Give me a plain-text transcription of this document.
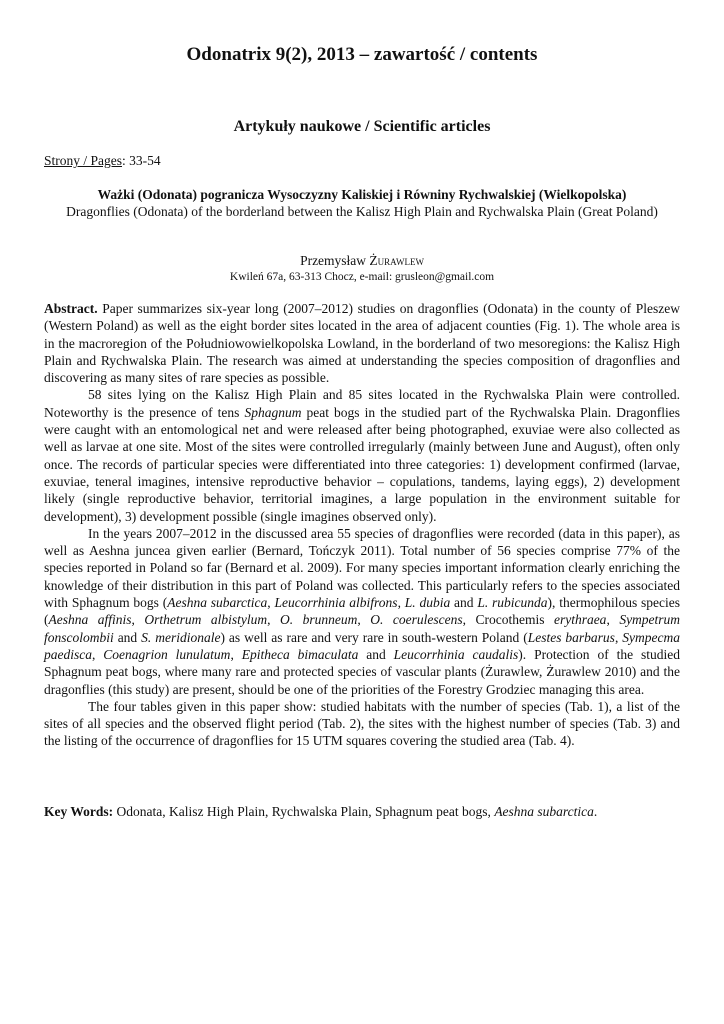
Odonatrix 9(2), 2013 – zawartość / contents
Artykuły naukowe / Scientific articles
Strony / Pages: 33-54
Ważki (Odonata) pogranicza Wysoczyzny Kaliskiej i Równiny Rychwalskiej (Wielkopolska)
Dragonflies (Odonata) of the borderland between the Kalisz High Plain and Rychwalska Plain (Great Poland)
Przemysław Żurawlew
Kwileń 67a, 63-313 Chocz, e-mail: grusleon@gmail.com

Abstract. Paper summarizes six-year long (2007–2012) studies on dragonflies (Odonata) in the county of Pleszew (Western Poland) as well as the eight border sites located in the area of adjacent counties (Fig. 1). The whole area is in the macroregion of the Południowowielkopolska Lowland, in the borderland of two mesoregions: the Kalisz High Plain and Rychwalska Plain. The research was aimed at understanding the species composition of dragonflies and discovering as many sites of rare species as possible.

58 sites lying on the Kalisz High Plain and 85 sites located in the Rychwalska Plain were controlled. Noteworthy is the presence of tens Sphagnum peat bogs in the studied part of the Rychwalska Plain. Dragonflies were caught with an entomological net and were released after being photographed, exuviae were also collected as well as larvae at one site. Most of the sites were controlled irregularly (mainly between June and August), often only once. The records of particular species were differentiated into three categories: 1) development confirmed (larvae, exuviae, teneral imagines, intensive reproductive behavior – copulations, tandems, laying eggs), 2) development likely (single reproductive behavior, territorial imagines, a large population in the environment suitable for development), 3) development possible (single imagines observed only).

In the years 2007–2012 in the discussed area 55 species of dragonflies were recorded (data in this paper), as well as Aeshna juncea given earlier (Bernard, Tończyk 2011). Total number of 56 species comprise 77% of the species reported in Poland so far (Bernard et al. 2009). For many species important information clearly enriching the knowledge of their distribution in this part of Poland was collected. This particularly refers to the species associated with Sphagnum bogs (Aeshna subarctica, Leucorrhinia albifrons, L. dubia and L. rubicunda), thermophilous species (Aeshna affinis, Orthetrum albistylum, O. brunneum, O. coerulescens, Crocothemis erythraea, Sympetrum fonscolombii and S. meridionale) as well as rare and very rare in south-western Poland (Lestes barbarus, Sympecma paedisca, Coenagrion lunulatum, Epitheca bimaculata and Leucorrhinia caudalis). Protection of the studied Sphagnum peat bogs, where many rare and protected species of vascular plants (Żurawlew, Żurawlew 2010) and the dragonflies (this study) are present, should be one of the priorities of the Forestry Grodziec managing this area.

The four tables given in this paper show: studied habitats with the number of species (Tab. 1), a list of the sites of all species and the observed flight period (Tab. 2), the sites with the highest number of species (Tab. 3) and the listing of the occurrence of dragonflies for 15 UTM squares covering the studied area (Tab. 4).

Key Words: Odonata, Kalisz High Plain, Rychwalska Plain, Sphagnum peat bogs, Aeshna subarctica.
